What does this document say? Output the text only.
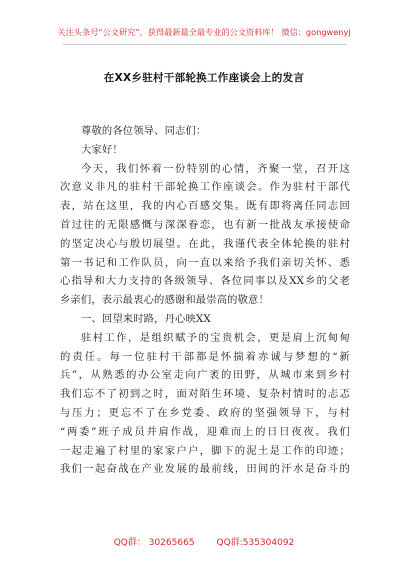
关注头条号“公文研究”，获得最新最全最专业的公文资料库！ 微信：gongwenyj
在XX乡驻村干部轮换工作座谈会上的发言
尊敬的各位领导、同志们：
大家好！
今天，我们怀着一份特别的心情，齐聚一堂，召开这
次意义非凡的驻村干部轮换工作座谈会。作为驻村干部代
表，站在这里，我的内心百感交集。既有即将离任同志回
首过往的无限感慨与深深眷恋，也有新一批战友承接使命
的坚定决心与殷切展望。在此，我谨代表全体轮换的驻村
第一书记和工作队员，向一直以来给予我们亲切关怀、悉
心指导和大力支持的各级领导、各位同事以及XX乡的父老
乡亲们，表示最衷心的感谢和最崇高的敬意！
一、回望来时路，丹心映XX
驻村工作，是组织赋予的宝贵机会，更是肩上沉甸甸
的责任。每一位驻村干部都是怀揣着赤诚与梦想的“新
兵”，从熟悉的办公室走向广袤的田野，从城市来到乡村
我们忘不了初到之时，面对陌生环境、复杂村情时的忐忑
与压力；更忘不了在乡党委、政府的坚强领导下，与村
“两委”班子成员并肩作战，迎难而上的日日夜夜。我们
一起走遍了村里的家家户户，脚下的泥土是工作的印迹；
我们一起奋战在产业发展的最前线，田间的汗水是奋斗的
QQ群： 30265665 QQ群:535304092
